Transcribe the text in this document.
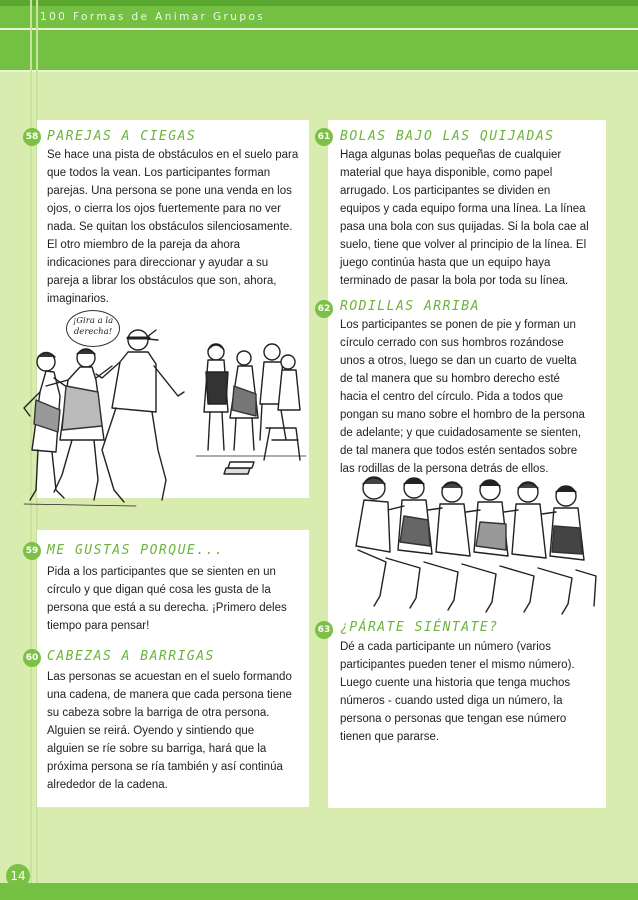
100 Formas de Animar Grupos
58 PAREJAS A CIEGAS

Se hace una pista de obstáculos en el suelo para

que todos la vean. Los participantes forman

parejas. Una persona se pone una venda en los

ojos, o cierra los ojos fuertemente para no ver

nada. Se quitan los obstáculos silenciosamente.

El otro miembro de la pareja da ahora

indicaciones para direccionar y ayudar a su

pareja a librar los obstáculos que son, ahora,

imaginarios.

¡Gira a la
derecha!
59 ME GUSTAS PORQUE...

Pida a los participantes que se sienten en un

círculo y que digan qué cosa les gusta de la

persona que está a su derecha. ¡Primero deles

tiempo para pensar!

60 CABEZAS A BARRIGAS

Las personas se acuestan en el suelo formando

una cadena, de manera que cada persona tiene

su cabeza sobre la barriga de otra persona.

Alguien se reirá. Oyendo y sintiendo que

alguien se ríe sobre su barriga, hará que la

próxima persona se ría también y así continúa

alrededor de la cadena.

61 BOLAS BAJO LAS QUIJADAS

Haga algunas bolas pequeñas de cualquier

material que haya disponible, como papel

arrugado. Los participantes se dividen en

equipos y cada equipo forma una línea. La línea

pasa una bola con sus quijadas. Si la bola cae al

suelo, tiene que volver al principio de la línea. El

juego continúa hasta que un equipo haya

terminado de pasar la bola por toda su línea.

62 RODILLAS ARRIBA

Los participantes se ponen de pie y forman un

círculo cerrado con sus hombros rozándose

unos a otros, luego se dan un cuarto de vuelta

de tal manera que su hombro derecho esté

hacia el centro del círculo. Pida a todos que

pongan su mano sobre el hombro de la persona

de adelante; y que cuidadosamente se sienten,

de tal manera que todos estén sentados sobre

las rodillas de la persona detrás de ellos.

63 ¿PÁRATE SIÉNTATE?

Dé a cada participante un número (varios

participantes pueden tener el mismo número).

Luego cuente una historia que tenga muchos

números - cuando usted diga un número, la

persona o personas que tengan ese número

tienen que pararse.

14
